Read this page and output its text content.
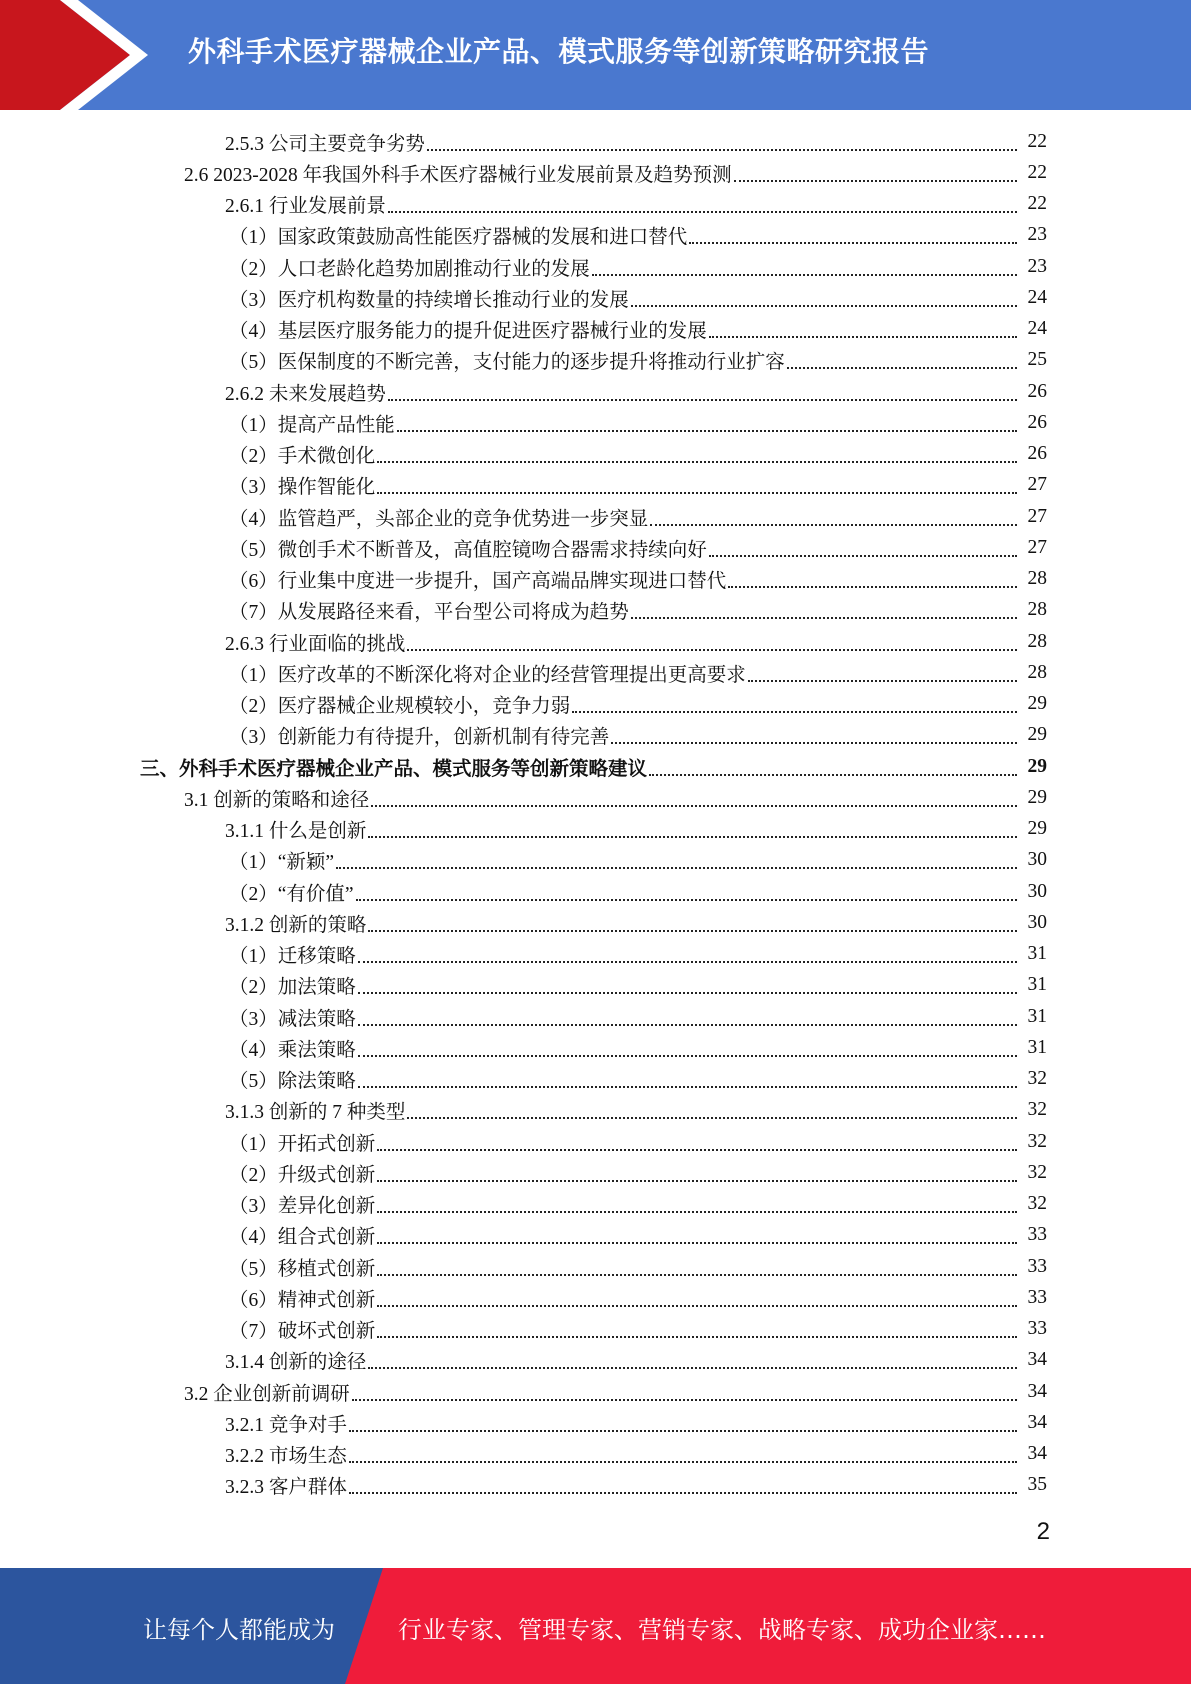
外科手术医疗器械企业产品、模式服务等创新策略研究报告
2.5.3 公司主要竞争劣势	22
2.6 2023-2028 年我国外科手术医疗器械行业发展前景及趋势预测	22
2.6.1 行业发展前景	22
（1）国家政策鼓励高性能医疗器械的发展和进口替代	23
（2）人口老龄化趋势加剧推动行业的发展	23
（3）医疗机构数量的持续增长推动行业的发展	24
（4）基层医疗服务能力的提升促进医疗器械行业的发展	24
（5）医保制度的不断完善，支付能力的逐步提升将推动行业扩容	25
2.6.2 未来发展趋势	26
（1）提高产品性能	26
（2）手术微创化	26
（3）操作智能化	27
（4）监管趋严，头部企业的竞争优势进一步突显	27
（5）微创手术不断普及，高值腔镜吻合器需求持续向好	27
（6）行业集中度进一步提升，国产高端品牌实现进口替代	28
（7）从发展路径来看，平台型公司将成为趋势	28
2.6.3 行业面临的挑战	28
（1）医疗改革的不断深化将对企业的经营管理提出更高要求	28
（2）医疗器械企业规模较小，竞争力弱	29
（3）创新能力有待提升，创新机制有待完善	29
三、外科手术医疗器械企业产品、模式服务等创新策略建议	29
3.1 创新的策略和途径	29
3.1.1 什么是创新	29
（1）“新颖”	30
（2）“有价值”	30
3.1.2 创新的策略	30
（1）迁移策略	31
（2）加法策略	31
（3）减法策略	31
（4）乘法策略	31
（5）除法策略	32
3.1.3 创新的 7 种类型	32
（1）开拓式创新	32
（2）升级式创新	32
（3）差异化创新	32
（4）组合式创新	33
（5）移植式创新	33
（6）精神式创新	33
（7）破坏式创新	33
3.1.4 创新的途径	34
3.2 企业创新前调研	34
3.2.1 竞争对手	34
3.2.2 市场生态	34
3.2.3 客户群体	35
2
让每个人都能成为	行业专家、管理专家、营销专家、战略专家、成功企业家……
